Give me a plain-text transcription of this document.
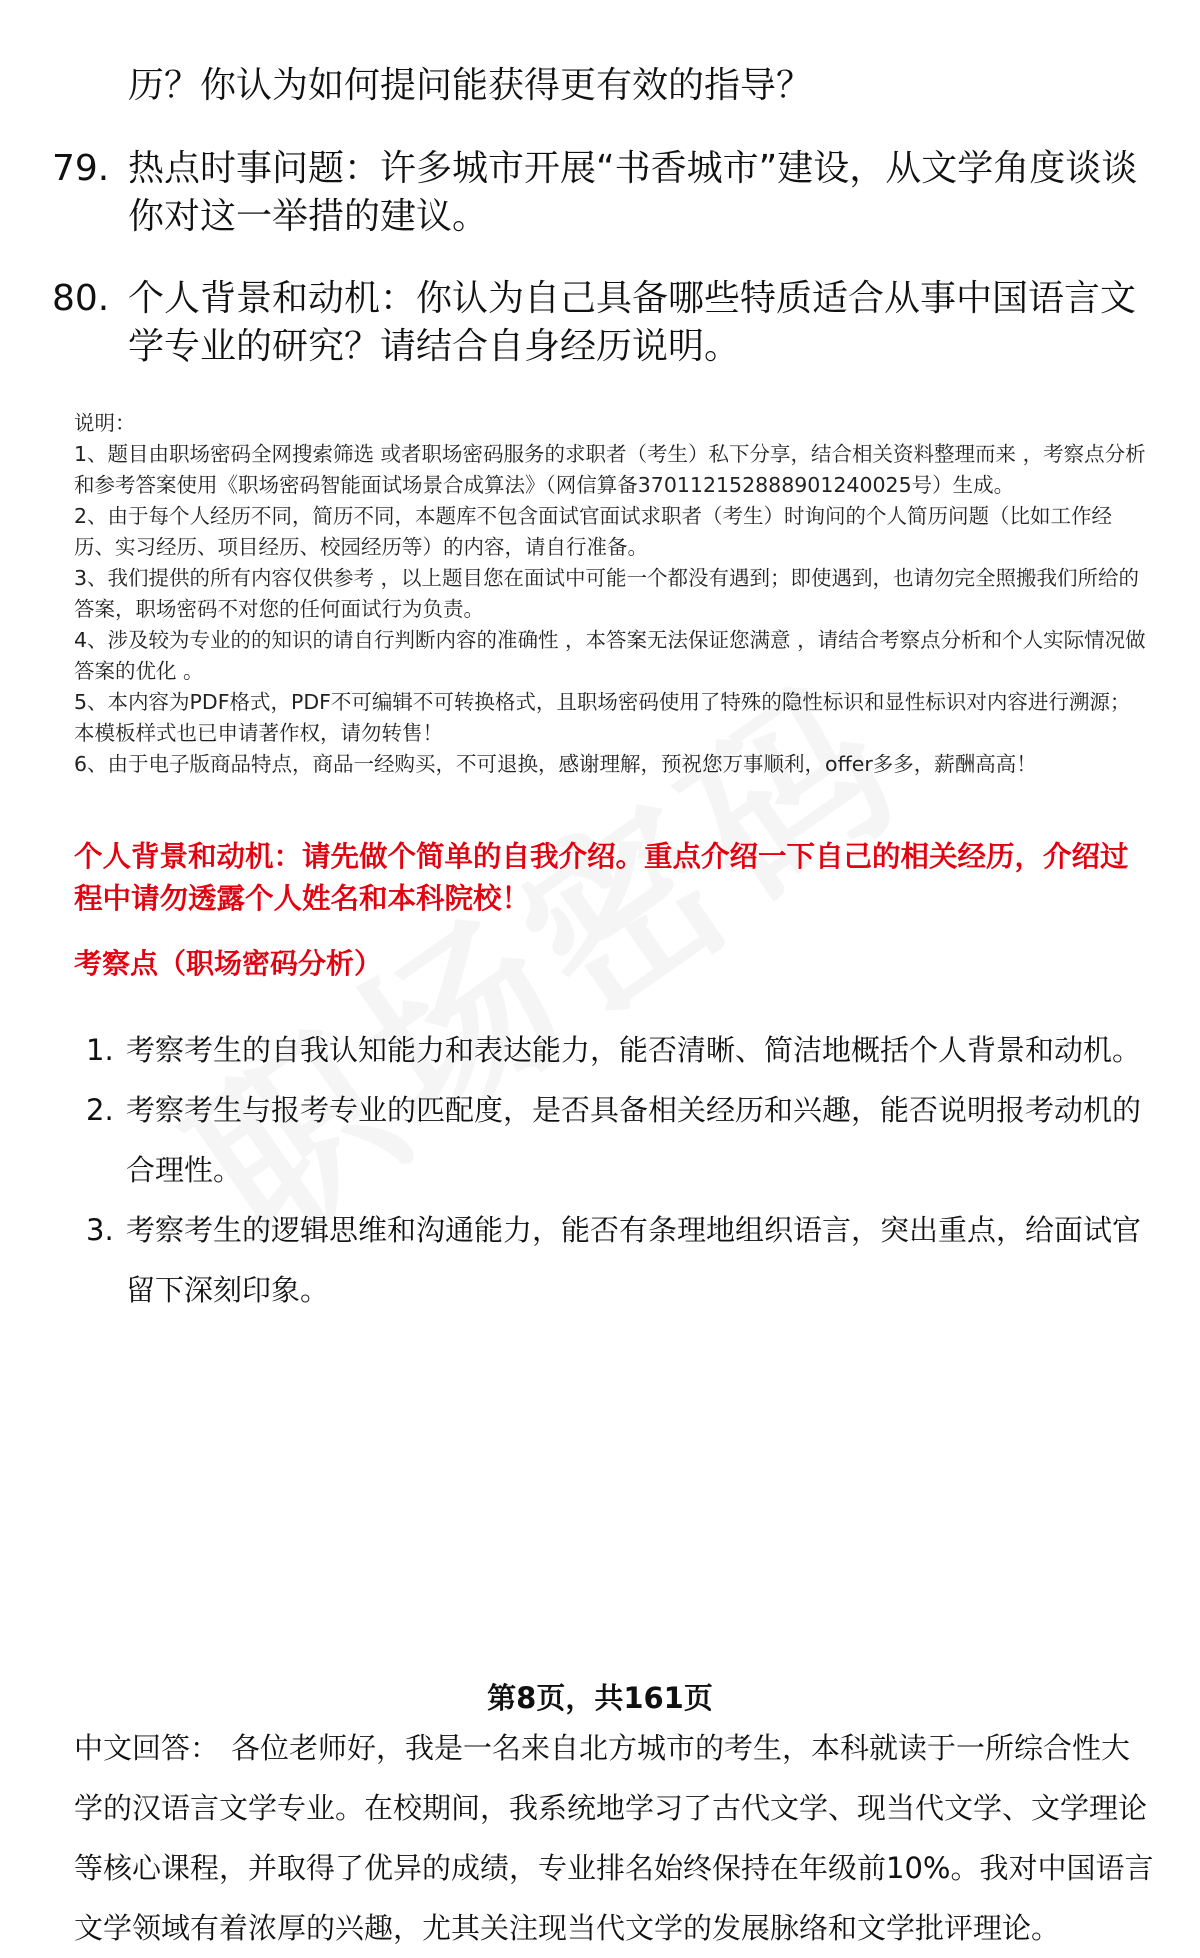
历？你认为如何提问能获得更有效的指导？

79. 热点时事问题：许多城市开展“书香城市”建设，从文学角度谈谈你对这一举措的建议。
80. 个人背景和动机：你认为自己具备哪些特质适合从事中国语言文学专业的研究？请结合自身经历说明。

说明：

1、题目由职场密码全网搜索筛选 或者职场密码服务的求职者（考生）私下分享，结合相关资料整理而来 ，考察点分析和参考答案使用《职场密码智能面试场景合成算法》（网信算备370112152888901240025号）生成。

2、由于每个人经历不同，简历不同，本题库不包含面试官面试求职者（考生）时询问的个人简历问题（比如工作经历、实习经历、项目经历、校园经历等）的内容，请自行准备。

3、我们提供的所有内容仅供参考 ，以上题目您在面试中可能一个都没有遇到；即使遇到，也请勿完全照搬我们所给的答案，职场密码不对您的任何面试行为负责。

4、涉及较为专业的的知识的请自行判断内容的准确性 ，本答案无法保证您满意 ，请结合考察点分析和个人实际情况做答案的优化 。

5、本内容为PDF格式，PDF不可编辑不可转换格式，且职场密码使用了特殊的隐性标识和显性标识对内容进行溯源；本模板样式也已申请著作权，请勿转售！

6、由于电子版商品特点，商品一经购买，不可退换，感谢理解，预祝您万事顺利，offer多多，薪酬高高！

个人背景和动机：请先做个简单的自我介绍。重点介绍一下自己的相关经历，介绍过程中请勿透露个人姓名和本科院校！

考察点（职场密码分析）

1. 考察考生的自我认知能力和表达能力，能否清晰、简洁地概括个人背景和动机。
2. 考察考生与报考专业的匹配度，是否具备相关经历和兴趣，能否说明报考动机的合理性。
3. 考察考生的逻辑思维和沟通能力，能否有条理地组织语言，突出重点，给面试官留下深刻印象。

中文回答： 各位老师好，我是一名来自北方城市的考生，本科就读于一所综合性大学的汉语言文学专业。在校期间，我系统地学习了古代文学、现当代文学、文学理论等核心课程，并取得了优异的成绩，专业排名始终保持在年级前10%。我对中国语言文学领域有着浓厚的兴趣，尤其关注现当代文学的发展脉络和文学批评理论。

第8页，共161页
